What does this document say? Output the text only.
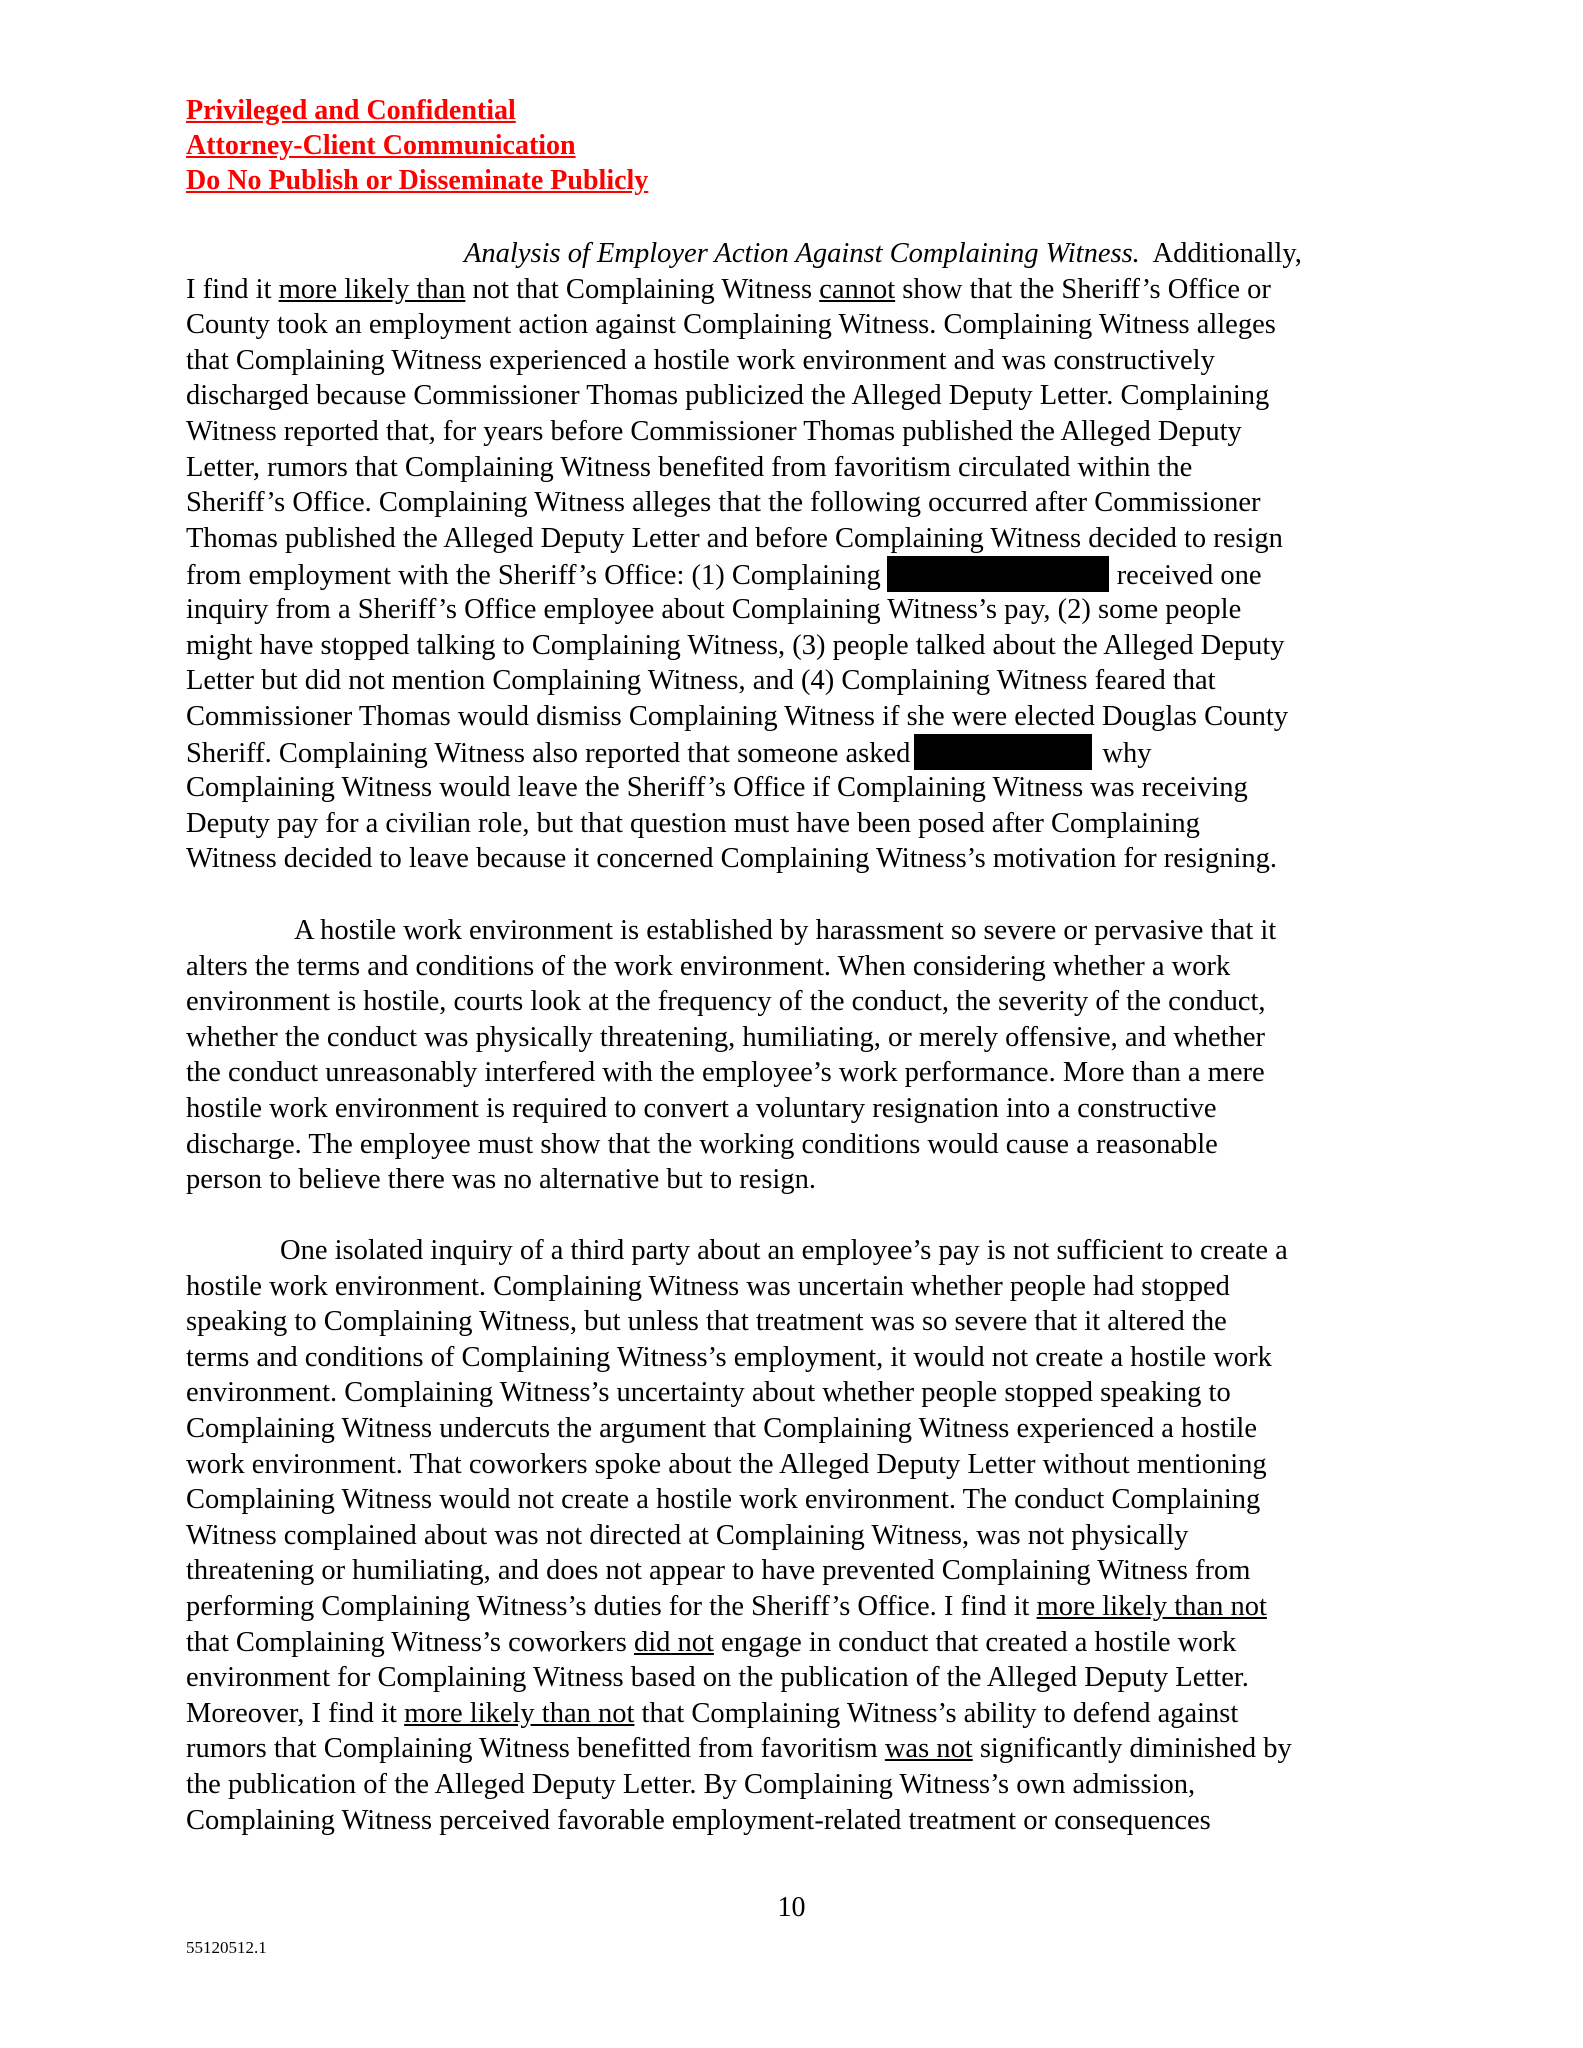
Privileged and Confidential
Attorney-Client Communication
Do No Publish or Disseminate Publicly
Analysis of Employer Action Against Complaining Witness. Additionally,
I find it more likely than not that Complaining Witness cannot show that the Sheriff’s Office or
County took an employment action against Complaining Witness. Complaining Witness alleges
that Complaining Witness experienced a hostile work environment and was constructively
discharged because Commissioner Thomas publicized the Alleged Deputy Letter. Complaining
Witness reported that, for years before Commissioner Thomas published the Alleged Deputy
Letter, rumors that Complaining Witness benefited from favoritism circulated within the
Sheriff’s Office. Complaining Witness alleges that the following occurred after Commissioner
Thomas published the Alleged Deputy Letter and before Complaining Witness decided to resign
from employment with the Sheriff’s Office: (1) Complaining	received one
inquiry from a Sheriff’s Office employee about Complaining Witness’s pay, (2) some people
might have stopped talking to Complaining Witness, (3) people talked about the Alleged Deputy
Letter but did not mention Complaining Witness, and (4) Complaining Witness feared that
Commissioner Thomas would dismiss Complaining Witness if she were elected Douglas County
Sheriff. Complaining Witness also reported that someone asked	why
Complaining Witness would leave the Sheriff’s Office if Complaining Witness was receiving
Deputy pay for a civilian role, but that question must have been posed after Complaining
Witness decided to leave because it concerned Complaining Witness’s motivation for resigning.
A hostile work environment is established by harassment so severe or pervasive that it
alters the terms and conditions of the work environment. When considering whether a work
environment is hostile, courts look at the frequency of the conduct, the severity of the conduct,
whether the conduct was physically threatening, humiliating, or merely offensive, and whether
the conduct unreasonably interfered with the employee’s work performance. More than a mere
hostile work environment is required to convert a voluntary resignation into a constructive
discharge. The employee must show that the working conditions would cause a reasonable
person to believe there was no alternative but to resign.
One isolated inquiry of a third party about an employee’s pay is not sufficient to create a
hostile work environment. Complaining Witness was uncertain whether people had stopped
speaking to Complaining Witness, but unless that treatment was so severe that it altered the
terms and conditions of Complaining Witness’s employment, it would not create a hostile work
environment. Complaining Witness’s uncertainty about whether people stopped speaking to
Complaining Witness undercuts the argument that Complaining Witness experienced a hostile
work environment. That coworkers spoke about the Alleged Deputy Letter without mentioning
Complaining Witness would not create a hostile work environment. The conduct Complaining
Witness complained about was not directed at Complaining Witness, was not physically
threatening or humiliating, and does not appear to have prevented Complaining Witness from
performing Complaining Witness’s duties for the Sheriff’s Office. I find it more likely than not
that Complaining Witness’s coworkers did not engage in conduct that created a hostile work
environment for Complaining Witness based on the publication of the Alleged Deputy Letter.
Moreover, I find it more likely than not that Complaining Witness’s ability to defend against
rumors that Complaining Witness benefitted from favoritism was not significantly diminished by
the publication of the Alleged Deputy Letter. By Complaining Witness’s own admission,
Complaining Witness perceived favorable employment-related treatment or consequences
10
55120512.1
